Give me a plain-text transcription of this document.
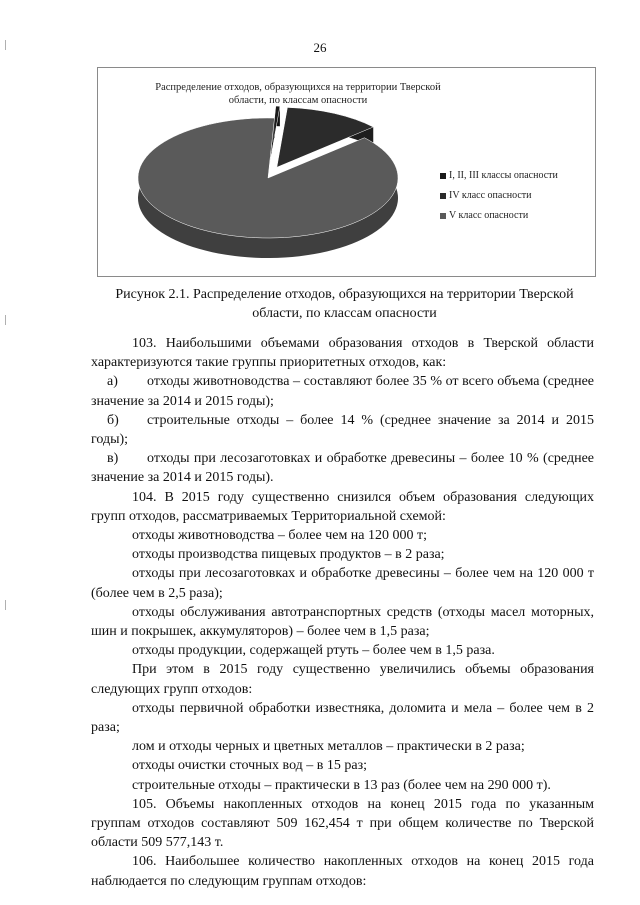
26
Распределение отходов, образующихся на территории Тверской
области, по классам опасности
I, II, III классы опасности
IV класс опасности
V класс опасности
Рисунок 2.1. Распределение отходов, образующихся на территории Тверской
области, по классам опасности

103. Наибольшими объемами образования отходов в Тверской области характеризуются такие группы приоритетных отходов, как:

а) отходы животноводства – составляют более 35 % от всего объема (среднее значение за 2014 и 2015 годы);

б) строительные отходы – более 14 % (среднее значение за 2014 и 2015 годы);

в) отходы при лесозаготовках и обработке древесины – более 10 % (среднее значение за 2014 и 2015 годы).

104. В 2015 году существенно снизился объем образования следующих групп отходов, рассматриваемых Территориальной схемой:

отходы животноводства – более чем на 120 000 т;

отходы производства пищевых продуктов – в 2 раза;

отходы при лесозаготовках и обработке древесины – более чем на 120 000 т (более чем в 2,5 раза);

отходы обслуживания автотранспортных средств (отходы масел моторных, шин и покрышек, аккумуляторов) – более чем в 1,5 раза;

отходы продукции, содержащей ртуть – более чем в 1,5 раза.

При этом в 2015 году существенно увеличились объемы образования следующих групп отходов:

отходы первичной обработки известняка, доломита и мела – более чем в 2 раза;

лом и отходы черных и цветных металлов – практически в 2 раза;

отходы очистки сточных вод – в 15 раз;

строительные отходы – практически в 13 раз (более чем на 290 000 т).

105. Объемы накопленных отходов на конец 2015 года по указанным группам отходов составляют 509 162,454 т при общем количестве по Тверской области 509 577,143 т.

106. Наибольшее количество накопленных отходов на конец 2015 года наблюдается по следующим группам отходов:
